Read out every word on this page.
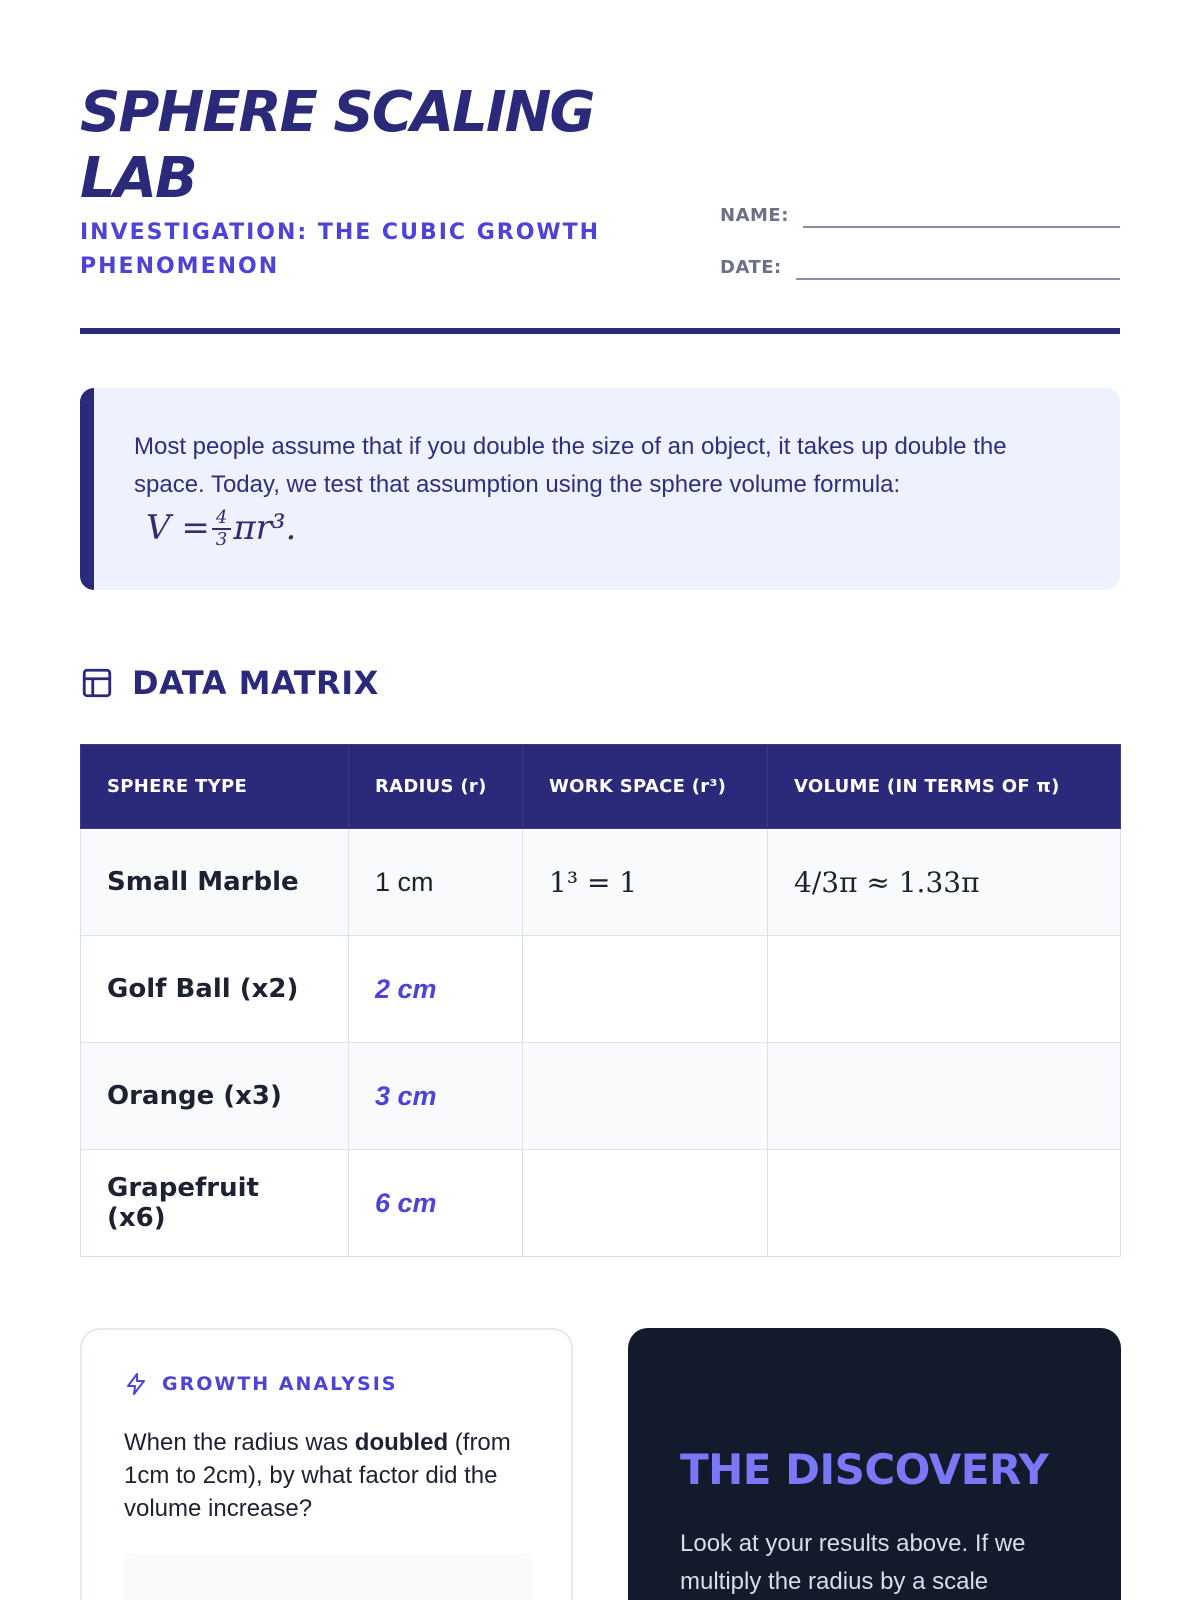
SPHERE SCALING LAB
INVESTIGATION: THE CUBIC GROWTH PHENOMENON
NAME:
DATE:

Most people assume that if you double the size of an object, it takes up double the space. Today, we test that assumption using the sphere volume formula:

$V = \frac{4}{3} \pi r^3$ .
DATA MATRIX
SPHERE TYPE	RADIUS (r)	WORK SPACE (r³)	VOLUME (IN TERMS OF π)
Small Marble	1 cm	1³ = 1	4/3π ≈ 1.33π
Golf Ball (x2)	2 cm		
Orange (x3)	3 cm		
Grapefruit (x6)	6 cm		
GROWTH ANALYSIS

When the radius was doubled (from 1cm to 2cm), by what factor did the volume increase?

THE DISCOVERY

Look at your results above. If we multiply the radius by a scale
